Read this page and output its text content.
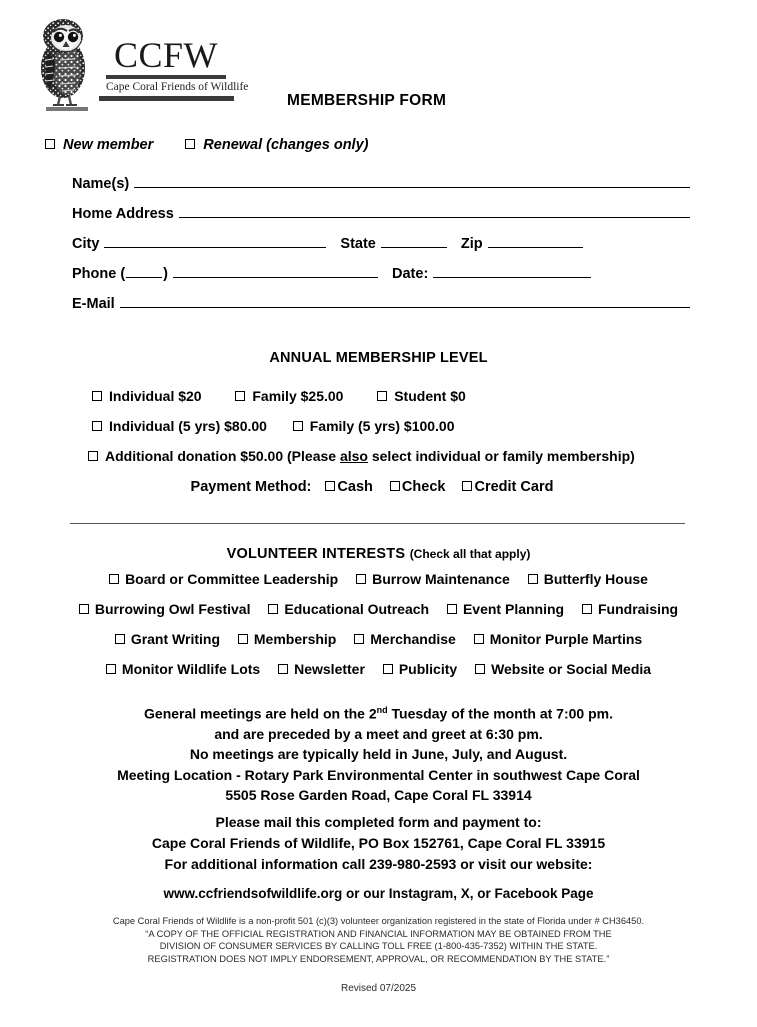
CCFW
Cape Coral Friends of Wildlife
MEMBERSHIP FORM
New member	Renewal (changes only)
Name(s)
Home Address
City	State	Zip
Phone (	)	Date:
E-Mail
ANNUAL MEMBERSHIP LEVEL
Individual $20	Family $25.00	Student $0
Individual (5 yrs) $80.00	Family (5 yrs) $100.00
Additional donation $50.00 (Please also select individual or family membership)
Payment Method: Cash Check Credit Card
VOLUNTEER INTERESTS (Check all that apply)
Board or Committee Leadership Burrow Maintenance Butterfly House
Burrowing Owl Festival Educational Outreach Event Planning Fundraising
Grant Writing Membership Merchandise Monitor Purple Martins
Monitor Wildlife Lots Newsletter Publicity Website or Social Media
General meetings are held on the 2nd Tuesday of the month at 7:00 pm.
and are preceded by a meet and greet at 6:30 pm.
No meetings are typically held in June, July, and August.
Meeting Location - Rotary Park Environmental Center in southwest Cape Coral
5505 Rose Garden Road, Cape Coral FL 33914
Please mail this completed form and payment to:
Cape Coral Friends of Wildlife, PO Box 152761, Cape Coral FL 33915
For additional information call 239-980-2593 or visit our website:
www.ccfriendsofwildlife.org or our Instagram, X, or Facebook Page
Cape Coral Friends of Wildlife is a non-profit 501 (c)(3) volunteer organization registered in the state of Florida under # CH36450.
“A COPY OF THE OFFICIAL REGISTRATION AND FINANCIAL INFORMATION MAY BE OBTAINED FROM THE
DIVISION OF CONSUMER SERVICES BY CALLING TOLL FREE (1-800-435-7352) WITHIN THE STATE.
REGISTRATION DOES NOT IMPLY ENDORSEMENT, APPROVAL, OR RECOMMENDATION BY THE STATE.”
Revised 07/2025
